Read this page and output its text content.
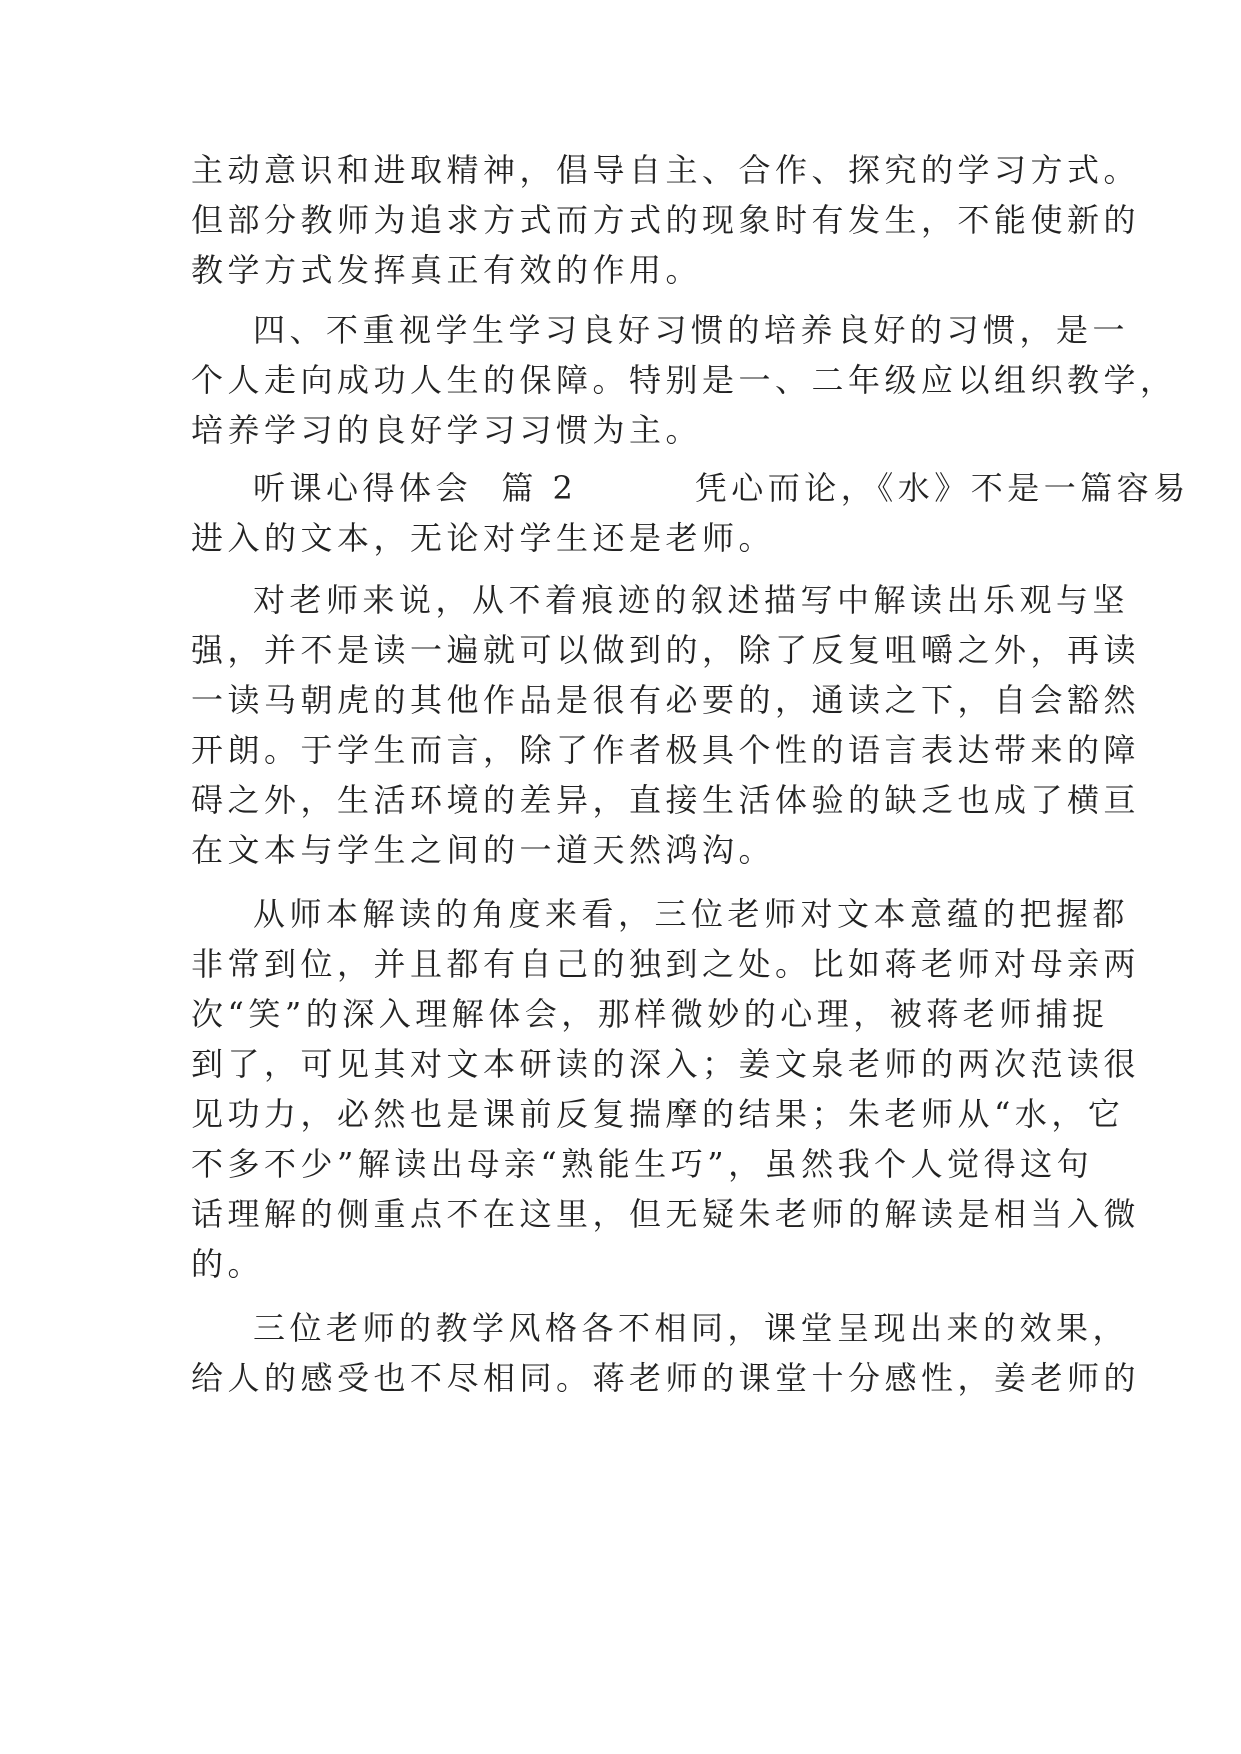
主动意识和进取精神，倡导自主、合作、探究的学习方式。

但部分教师为追求方式而方式的现象时有发生，不能使新的

教学方式发挥真正有效的作用。

四、不重视学生学习良好习惯的培养良好的习惯，是一

个人走向成功人生的保障。特别是一、二年级应以组织教学，

培养学习的良好学习习惯为主。

听课心得体会  篇 2        凭心而论，《水》不是一篇容易

进入的文本，无论对学生还是老师。

对老师来说，从不着痕迹的叙述描写中解读出乐观与坚

强，并不是读一遍就可以做到的，除了反复咀嚼之外，再读

一读马朝虎的其他作品是很有必要的，通读之下，自会豁然

开朗。于学生而言，除了作者极具个性的语言表达带来的障

碍之外，生活环境的差异，直接生活体验的缺乏也成了横亘

在文本与学生之间的一道天然鸿沟。

从师本解读的角度来看，三位老师对文本意蕴的把握都

非常到位，并且都有自己的独到之处。比如蒋老师对母亲两

次“笑”的深入理解体会，那样微妙的心理，被蒋老师捕捉

到了，可见其对文本研读的深入；姜文泉老师的两次范读很

见功力，必然也是课前反复揣摩的结果；朱老师从“水，它

不多不少”解读出母亲“熟能生巧”，虽然我个人觉得这句

话理解的侧重点不在这里，但无疑朱老师的解读是相当入微

的。

三位老师的教学风格各不相同，课堂呈现出来的效果，

给人的感受也不尽相同。蒋老师的课堂十分感性，姜老师的
